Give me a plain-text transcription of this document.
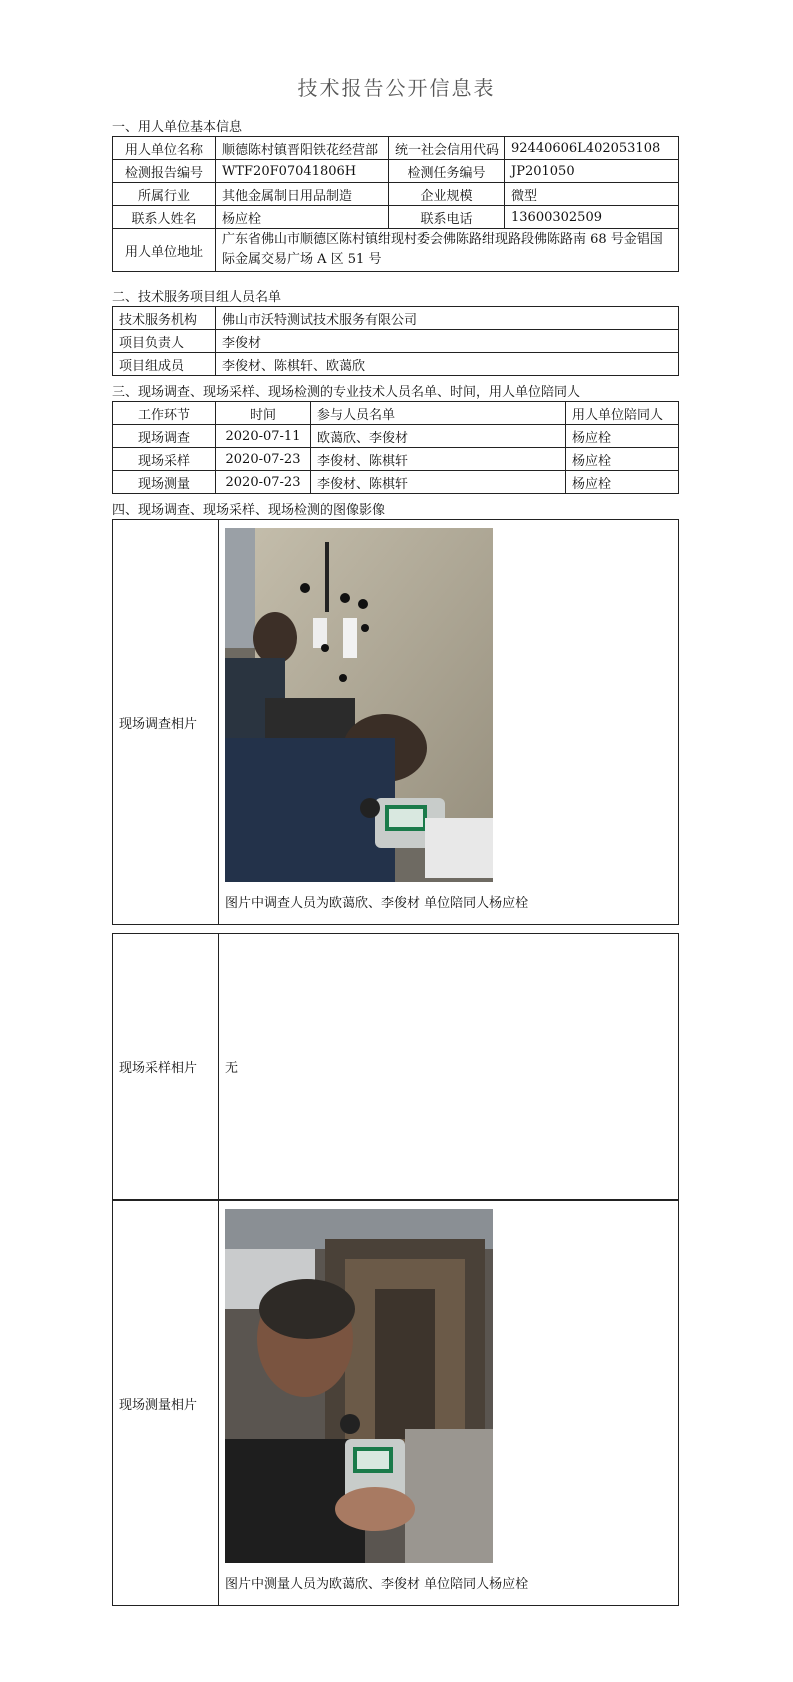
技术报告公开信息表
一、用人单位基本信息
用人单位名称	顺德陈村镇晋阳铁花经营部	统一社会信用代码	92440606L402053108
检测报告编号	WTF20F07041806H	检测任务编号	JP201050
所属行业	其他金属制日用品制造	企业规模	微型
联系人姓名	杨应栓	联系电话	13600302509
用人单位地址	广东省佛山市顺德区陈村镇绀现村委会佛陈路绀现路段佛陈路南 68 号金锠国际金属交易广场 A 区 51 号		
二、技术服务项目组人员名单
技术服务机构	佛山市沃特测试技术服务有限公司
项目负责人	李俊材
项目组成员	李俊材、陈棋轩、欧蔼欣
三、现场调查、现场采样、现场检测的专业技术人员名单、时间，用人单位陪同人
工作环节	时间	参与人员名单	用人单位陪同人
现场调查	2020-07-11	欧蔼欣、李俊材	杨应栓
现场采样	2020-07-23	李俊材、陈棋轩	杨应栓
现场测量	2020-07-23	李俊材、陈棋轩	杨应栓
四、现场调查、现场采样、现场检测的图像影像
现场调查相片	
图片中调查人员为欧蔼欣、李俊材 单位陪同人杨应栓
现场采样相片	无
现场测量相片	
图片中测量人员为欧蔼欣、李俊材 单位陪同人杨应栓
